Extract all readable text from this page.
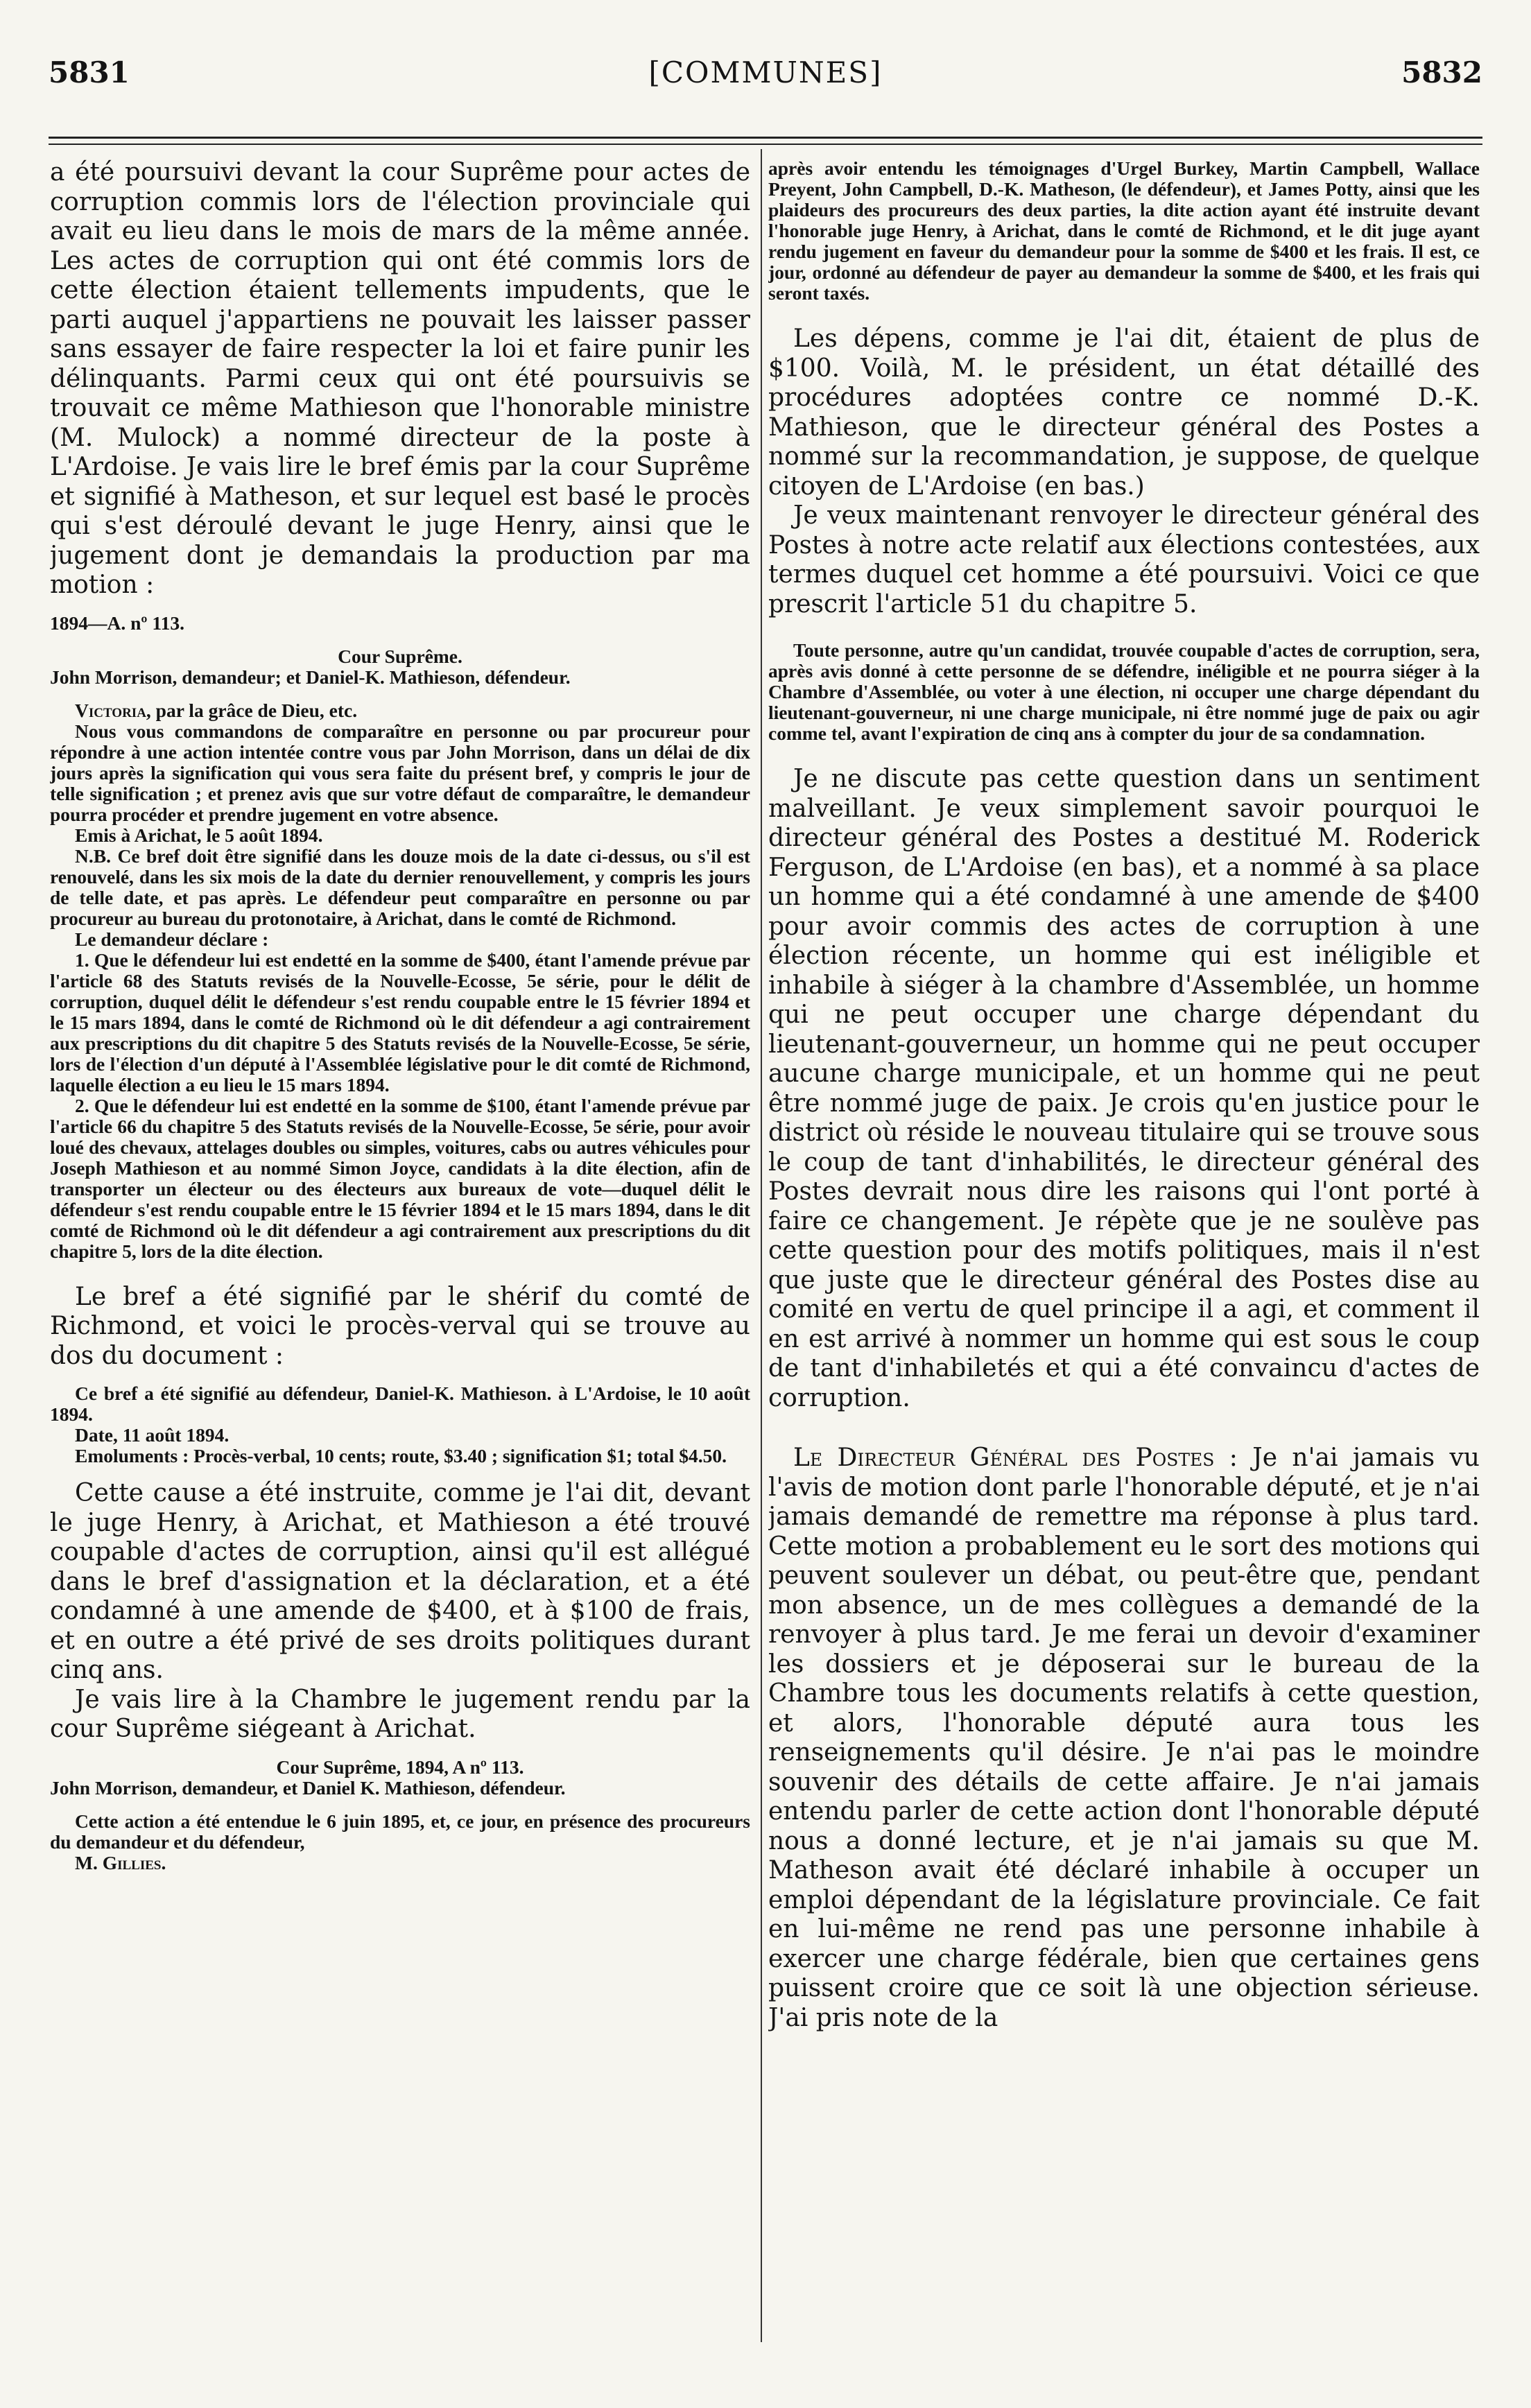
5831	[COMMUNES]	5832

a été poursuivi devant la cour Suprême pour actes de corruption commis lors de l'élection provinciale qui avait eu lieu dans le mois de mars de la même année. Les actes de corruption qui ont été commis lors de cette élection étaient tellements impudents, que le parti auquel j'appartiens ne pouvait les laisser passer sans essayer de faire respecter la loi et faire punir les délinquants. Parmi ceux qui ont été poursuivis se trouvait ce même Mathieson que l'honorable ministre (M. Mulock) a nommé directeur de la poste à L'Ardoise. Je vais lire le bref émis par la cour Suprême et signifié à Matheson, et sur lequel est basé le procès qui s'est déroulé devant le juge Henry, ainsi que le jugement dont je demandais la production par ma motion :

1894—A. nº 113.

Cour Suprême.

John Morrison, demandeur; et Daniel-K. Mathieson, défendeur.

Victoria, par la grâce de Dieu, etc.

Nous vous commandons de comparaître en personne ou par procureur pour répondre à une action intentée contre vous par John Morrison, dans un délai de dix jours après la signification qui vous sera faite du présent bref, y compris le jour de telle signification ; et prenez avis que sur votre défaut de comparaître, le demandeur pourra procéder et prendre jugement en votre absence.

Emis à Arichat, le 5 août 1894.

N.B. Ce bref doit être signifié dans les douze mois de la date ci-dessus, ou s'il est renouvelé, dans les six mois de la date du dernier renouvellement, y compris les jours de telle date, et pas après. Le défendeur peut comparaître en personne ou par procureur au bureau du protonotaire, à Arichat, dans le comté de Richmond.

Le demandeur déclare :

1. Que le défendeur lui est endetté en la somme de $400, étant l'amende prévue par l'article 68 des Statuts revisés de la Nouvelle-Ecosse, 5e série, pour le délit de corruption, duquel délit le défendeur s'est rendu coupable entre le 15 février 1894 et le 15 mars 1894, dans le comté de Richmond où le dit défendeur a agi contrairement aux prescriptions du dit chapitre 5 des Statuts revisés de la Nouvelle-Ecosse, 5e série, lors de l'élection d'un député à l'Assemblée législative pour le dit comté de Richmond, laquelle élection a eu lieu le 15 mars 1894.

2. Que le défendeur lui est endetté en la somme de $100, étant l'amende prévue par l'article 66 du chapitre 5 des Statuts revisés de la Nouvelle-Ecosse, 5e série, pour avoir loué des chevaux, attelages doubles ou simples, voitures, cabs ou autres véhicules pour Joseph Mathieson et au nommé Simon Joyce, candidats à la dite élection, afin de transporter un électeur ou des électeurs aux bureaux de vote—duquel délit le défendeur s'est rendu coupable entre le 15 février 1894 et le 15 mars 1894, dans le dit comté de Richmond où le dit défendeur a agi contrairement aux prescriptions du dit chapitre 5, lors de la dite élection.

Le bref a été signifié par le shérif du comté de Richmond, et voici le procès-verval qui se trouve au dos du document :

Ce bref a été signifié au défendeur, Daniel-K. Mathieson. à L'Ardoise, le 10 août 1894.

Date, 11 août 1894.

Emoluments : Procès-verbal, 10 cents; route, $3.40 ; signification $1; total $4.50.

Cette cause a été instruite, comme je l'ai dit, devant le juge Henry, à Arichat, et Mathieson a été trouvé coupable d'actes de corruption, ainsi qu'il est allégué dans le bref d'assignation et la déclaration, et a été condamné à une amende de $400, et à $100 de frais, et en outre a été privé de ses droits politiques durant cinq ans.

Je vais lire à la Chambre le jugement rendu par la cour Suprême siégeant à Arichat.

Cour Suprême, 1894, A nº 113.

John Morrison, demandeur, et Daniel K. Mathieson, défendeur.

Cette action a été entendue le 6 juin 1895, et, ce jour, en présence des procureurs du demandeur et du défendeur,

M. Gillies.

après avoir entendu les témoignages d'Urgel Burkey, Martin Campbell, Wallace Preyent, John Campbell, D.-K. Matheson, (le défendeur), et James Potty, ainsi que les plaideurs des procureurs des deux parties, la dite action ayant été instruite devant l'honorable juge Henry, à Arichat, dans le comté de Richmond, et le dit juge ayant rendu jugement en faveur du demandeur pour la somme de $400 et les frais. Il est, ce jour, ordonné au défendeur de payer au demandeur la somme de $400, et les frais qui seront taxés.

Les dépens, comme je l'ai dit, étaient de plus de $100. Voilà, M. le président, un état détaillé des procédures adoptées contre ce nommé D.-K. Mathieson, que le directeur général des Postes a nommé sur la recommandation, je suppose, de quelque citoyen de L'Ardoise (en bas.)

Je veux maintenant renvoyer le directeur général des Postes à notre acte relatif aux élections contestées, aux termes duquel cet homme a été poursuivi. Voici ce que prescrit l'article 51 du chapitre 5.

Toute personne, autre qu'un candidat, trouvée coupable d'actes de corruption, sera, après avis donné à cette personne de se défendre, inéligible et ne pourra siéger à la Chambre d'Assemblée, ou voter à une élection, ni occuper une charge dépendant du lieutenant-gouverneur, ni une charge municipale, ni être nommé juge de paix ou agir comme tel, avant l'expiration de cinq ans à compter du jour de sa condamnation.

Je ne discute pas cette question dans un sentiment malveillant. Je veux simplement savoir pourquoi le directeur général des Postes a destitué M. Roderick Ferguson, de L'Ardoise (en bas), et a nommé à sa place un homme qui a été condamné à une amende de $400 pour avoir commis des actes de corruption à une élection récente, un homme qui est inéligible et inhabile à siéger à la chambre d'Assemblée, un homme qui ne peut occuper une charge dépendant du lieutenant-gouverneur, un homme qui ne peut occuper aucune charge municipale, et un homme qui ne peut être nommé juge de paix. Je crois qu'en justice pour le district où réside le nouveau titulaire qui se trouve sous le coup de tant d'inhabilités, le directeur général des Postes devrait nous dire les raisons qui l'ont porté à faire ce changement. Je répète que je ne soulève pas cette question pour des motifs politiques, mais il n'est que juste que le directeur général des Postes dise au comité en vertu de quel principe il a agi, et comment il en est arrivé à nommer un homme qui est sous le coup de tant d'inhabiletés et qui a été convaincu d'actes de corruption.

Le Directeur Général des Postes : Je n'ai jamais vu l'avis de motion dont parle l'honorable député, et je n'ai jamais demandé de remettre ma réponse à plus tard. Cette motion a probablement eu le sort des motions qui peuvent soulever un débat, ou peut-être que, pendant mon absence, un de mes collègues a demandé de la renvoyer à plus tard. Je me ferai un devoir d'examiner les dossiers et je déposerai sur le bureau de la Chambre tous les documents relatifs à cette question, et alors, l'honorable député aura tous les renseignements qu'il désire. Je n'ai pas le moindre souvenir des détails de cette affaire. Je n'ai jamais entendu parler de cette action dont l'honorable député nous a donné lecture, et je n'ai jamais su que M. Matheson avait été déclaré inhabile à occuper un emploi dépendant de la législature provinciale. Ce fait en lui-même ne rend pas une personne inhabile à exercer une charge fédérale, bien que certaines gens puissent croire que ce soit là une objection sérieuse. J'ai pris note de la
